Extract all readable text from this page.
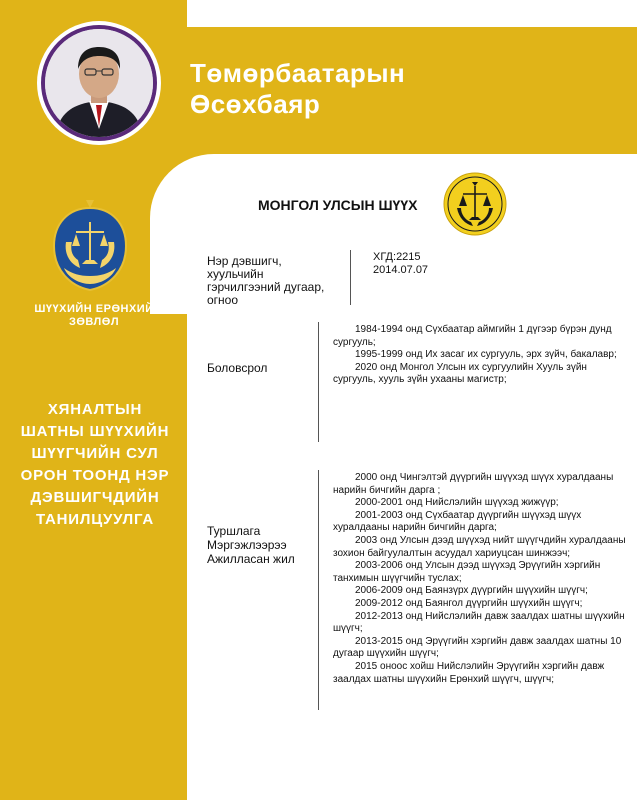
Төмөрбаатарын
Өсөхбаяр
ШҮҮХИЙН ЕРӨНХИЙ
ЗӨВЛӨЛ
ХЯНАЛТЫН
ШАТНЫ ШҮҮХИЙН
ШҮҮГЧИЙН СУЛ
ОРОН ТООНД НЭР
ДЭВШИГЧДИЙН
ТАНИЛЦУУЛГА
МОНГОЛ УЛСЫН ШҮҮХ
Нэр дэвшигч,
хуульчийн
гэрчилгээний дугаар,
огноо
ХГД:2215
2014.07.07
Боловсрол

1984-1994 онд Сүхбаатар аймгийн 1 дүгээр бүрэн дунд сургууль;

1995-1999 онд Их засаг их сургууль, эрх зүйч, бакалавр;

2020 онд Монгол Улсын их сургуулийн Хууль зүйн сургууль, хууль зүйн ухааны магистр;

Туршлага
Мэргэжлээрээ
Ажилласан жил

2000 онд Чингэлтэй дүүргийн шүүхэд шүүх хуралдааны нарийн бичгийн дарга ;

2000-2001 онд Нийслэлийн шүүхэд жижүүр;

2001-2003 онд Сүхбаатар дүүргийн шүүхэд шүүх хуралдааны нарийн бичгийн дарга;

2003 онд Улсын дээд шүүхэд нийт шүүгчдийн хуралдааны зохион байгуулалтын асуудал хариуцсан шинжээч;

2003-2006 онд Улсын дээд шүүхэд Эрүүгийн хэргийн танхимын шүүгчийн туслах;

2006-2009 онд Баянзүрх дүүргийн шүүхийн шүүгч;

2009-2012 онд Баянгол дүүргийн шүүхийн шүүгч;

2012-2013 онд Нийслэлийн давж заалдах шатны шүүхийн шүүгч;

2013-2015 онд Эрүүгийн хэргийн давж заалдах шатны 10 дугаар шүүхийн шүүгч;

2015 оноос хойш Нийслэлийн Эрүүгийн хэргийн давж заалдах шатны шүүхийн Ерөнхий шүүгч, шүүгч;
